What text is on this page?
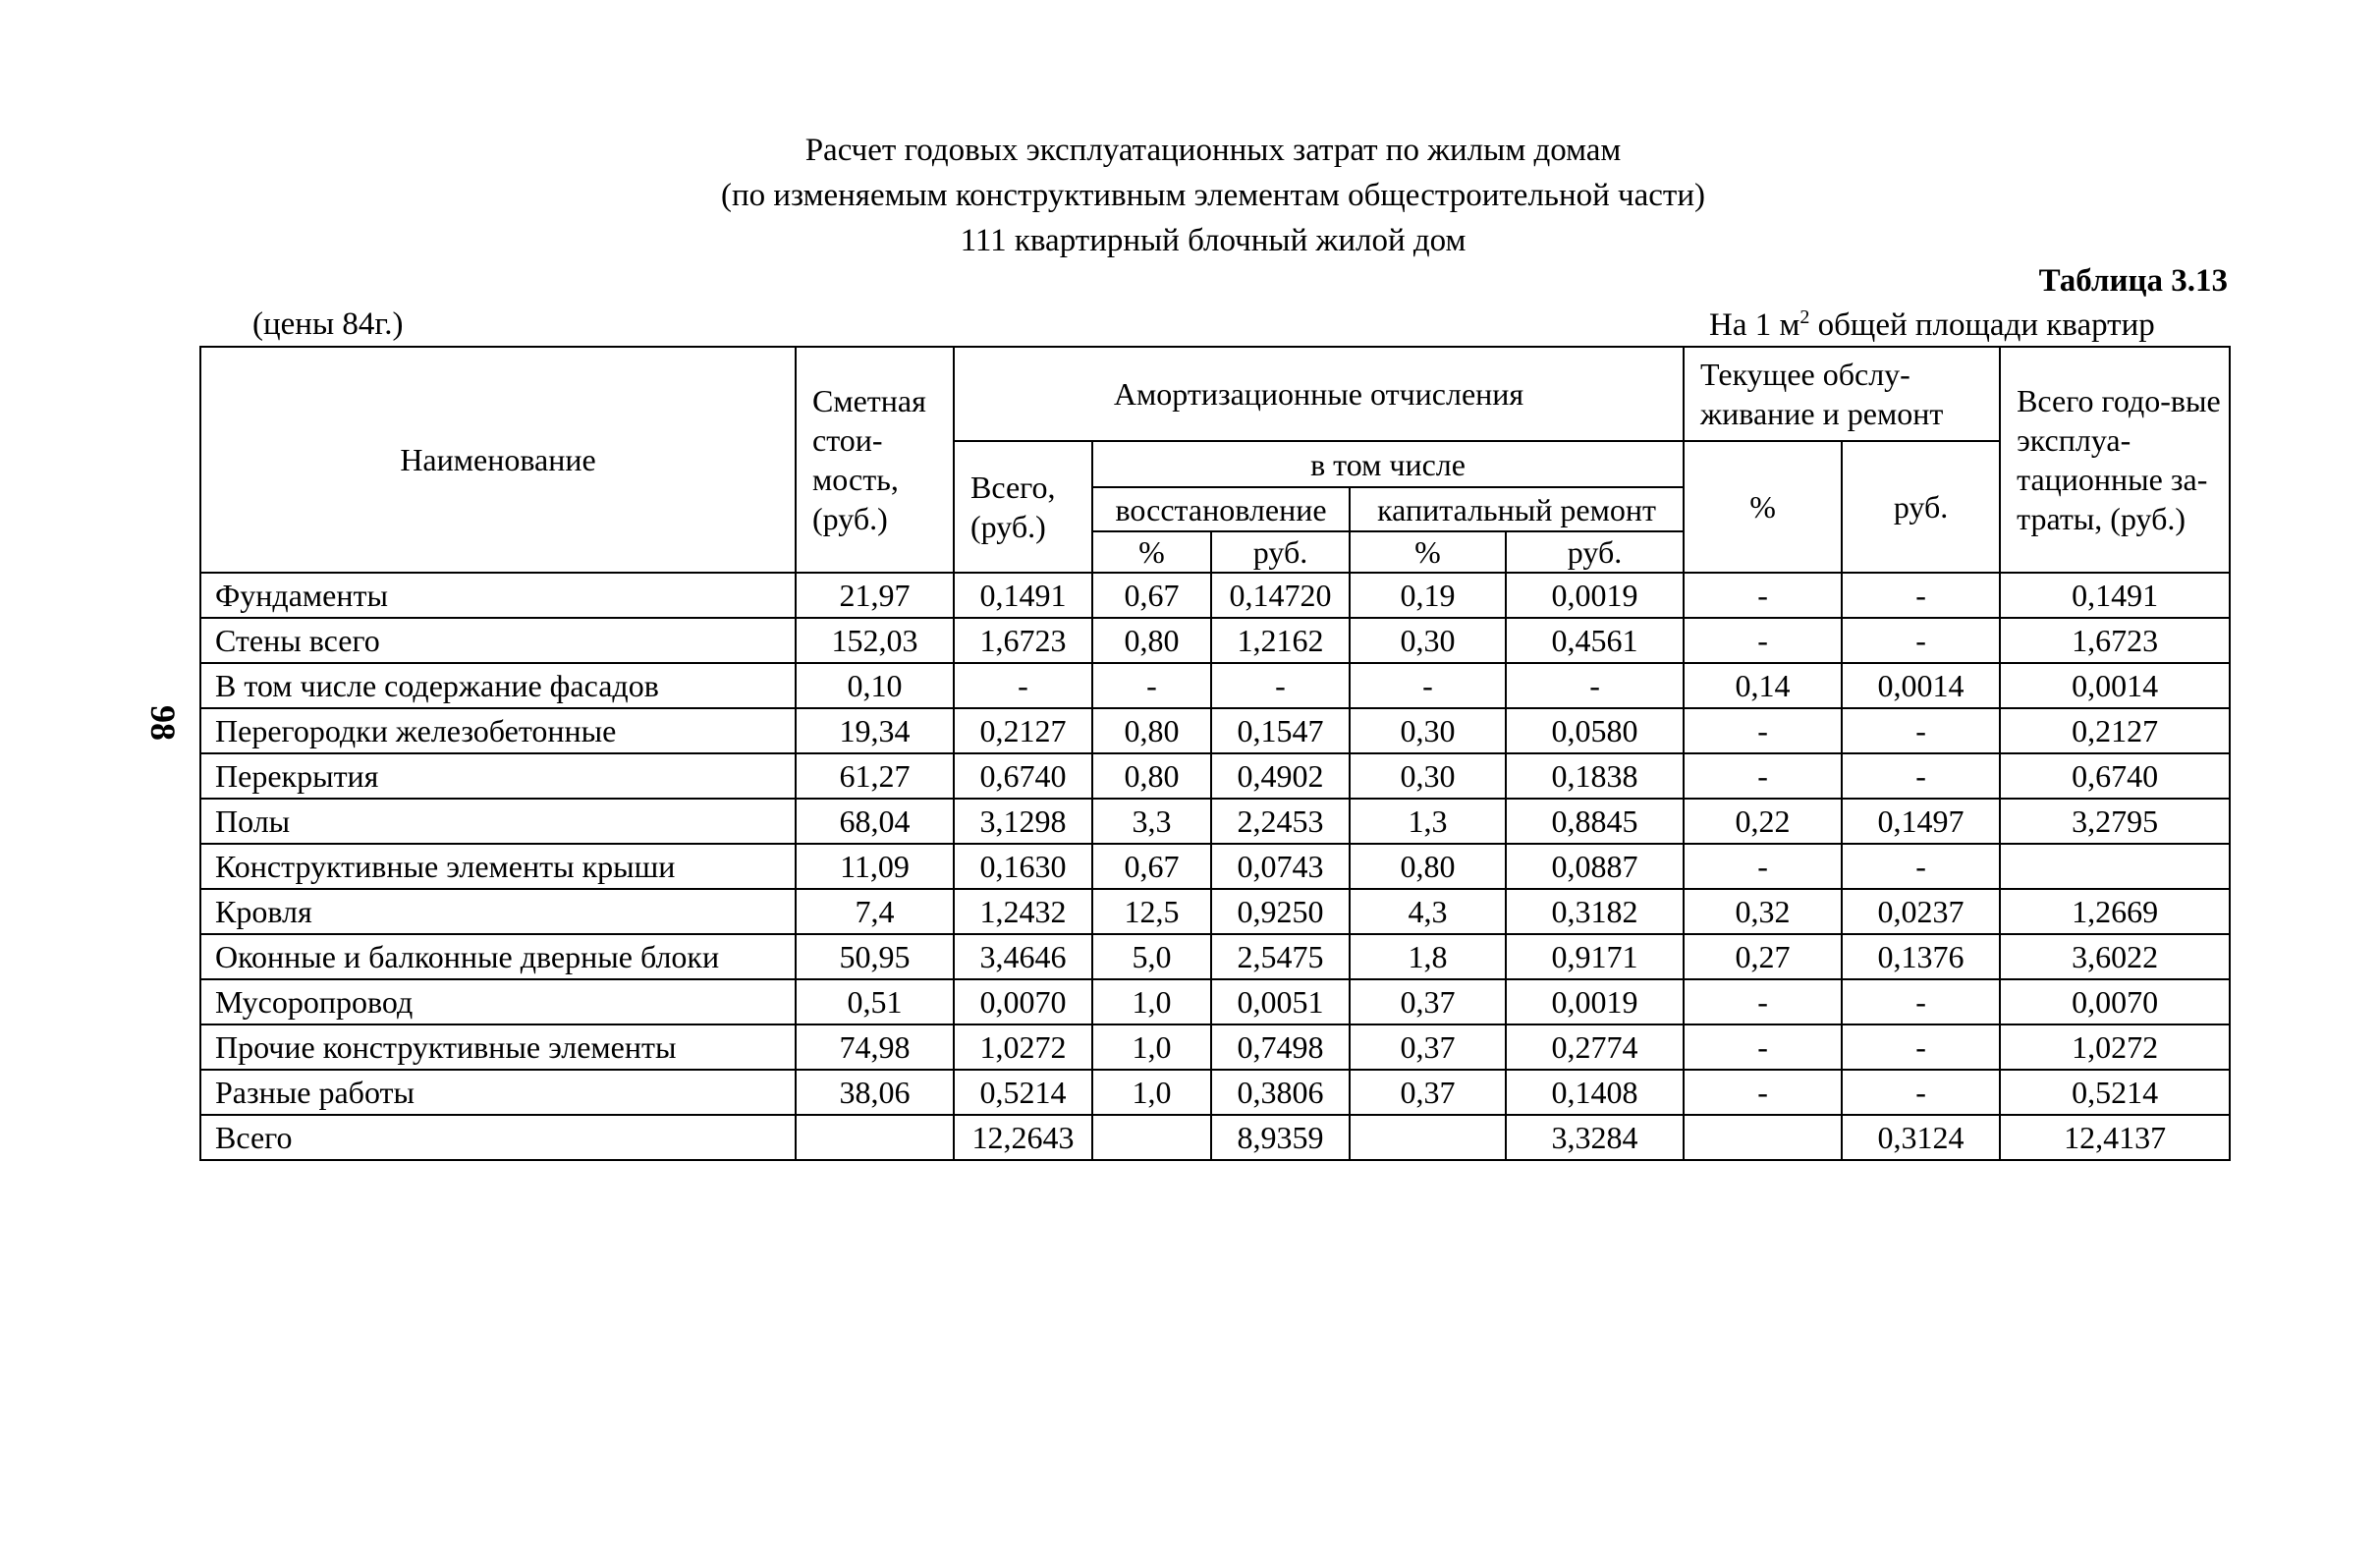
Расчет годовых эксплуатационных затрат по жилым домам
(по изменяемым конструктивным элементам общестроительной части)
111 квартирный блочный жилой дом
Таблица 3.13
(цены 84г.)	На 1 $м^2$ общей площади квартир
98
Наименование	Сметная стои-мость, (руб.)	Амортизационные отчисления					Текущее обслу-живание и ремонт		Всего годо-вые эксплуа-тационные за-траты, (руб.)
		Всего, (руб.)	в том числе				%	руб.	
			восстановление		капитальный ремонт				
			%	руб.	%	руб.			
Фундаменты	21,97	0,1491	0,67	0,14720	0,19	0,0019	-	-	0,1491
Стены всего	152,03	1,6723	0,80	1,2162	0,30	0,4561	-	-	1,6723
В том числе содержание фасадов	0,10	-	-	-	-	-	0,14	0,0014	0,0014
Перегородки железобетонные	19,34	0,2127	0,80	0,1547	0,30	0,0580	-	-	0,2127
Перекрытия	61,27	0,6740	0,80	0,4902	0,30	0,1838	-	-	0,6740
Полы	68,04	3,1298	3,3	2,2453	1,3	0,8845	0,22	0,1497	3,2795
Конструктивные элементы крыши	11,09	0,1630	0,67	0,0743	0,80	0,0887	-	-	
Кровля	7,4	1,2432	12,5	0,9250	4,3	0,3182	0,32	0,0237	1,2669
Оконные и балконные дверные блоки	50,95	3,4646	5,0	2,5475	1,8	0,9171	0,27	0,1376	3,6022
Мусоропровод	0,51	0,0070	1,0	0,0051	0,37	0,0019	-	-	0,0070
Прочие конструктивные элементы	74,98	1,0272	1,0	0,7498	0,37	0,2774	-	-	1,0272
Разные работы	38,06	0,5214	1,0	0,3806	0,37	0,1408	-	-	0,5214
Всего		12,2643		8,9359		3,3284		0,3124	12,4137
